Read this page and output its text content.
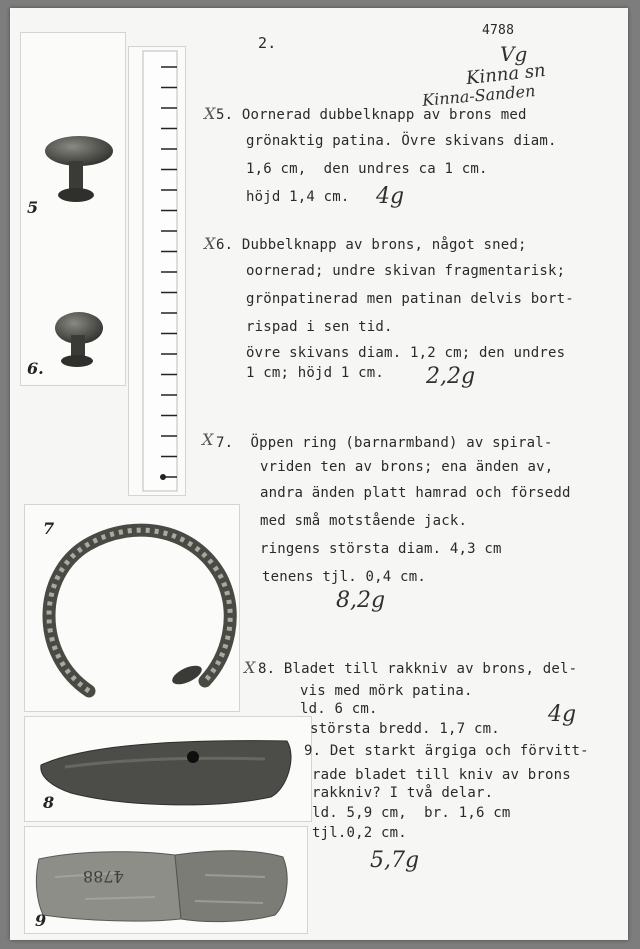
2.
4788
Vg
Kinna sn
Kinna-Sanden
5
6.
7
8
4788
9
X 5. Oornerad dubbelknapp av brons med
grönaktig patina. Övre skivans diam.
1,6 cm,  den undres ca 1 cm.
höjd 1,4 cm. 4g
X 6. Dubbelknapp av brons, något sned;
oornerad; undre skivan fragmentarisk;
grönpatinerad men patinan delvis bort-
rispad i sen tid.
övre skivans diam. 1,2 cm; den undres
1 cm; höjd 1 cm. 2,2g
X 7.  Öppen ring (barnarmband) av spiral-
vriden ten av brons; ena änden av,
andra änden platt hamrad och försedd
med små motstående jack.
ringens största diam. 4,3 cm
tenens tjl. 0,4 cm.
8,2g
X 8. Bladet till rakkniv av brons, del-
vis med mörk patina.
ld. 6 cm.
största bredd. 1,7 cm.
4g
9. Det starkt ärgiga och förvitt-
rade bladet till kniv av brons
rakkniv? I två delar.
ld. 5,9 cm,  br. 1,6 cm
tjl.0,2 cm.
5,7g
